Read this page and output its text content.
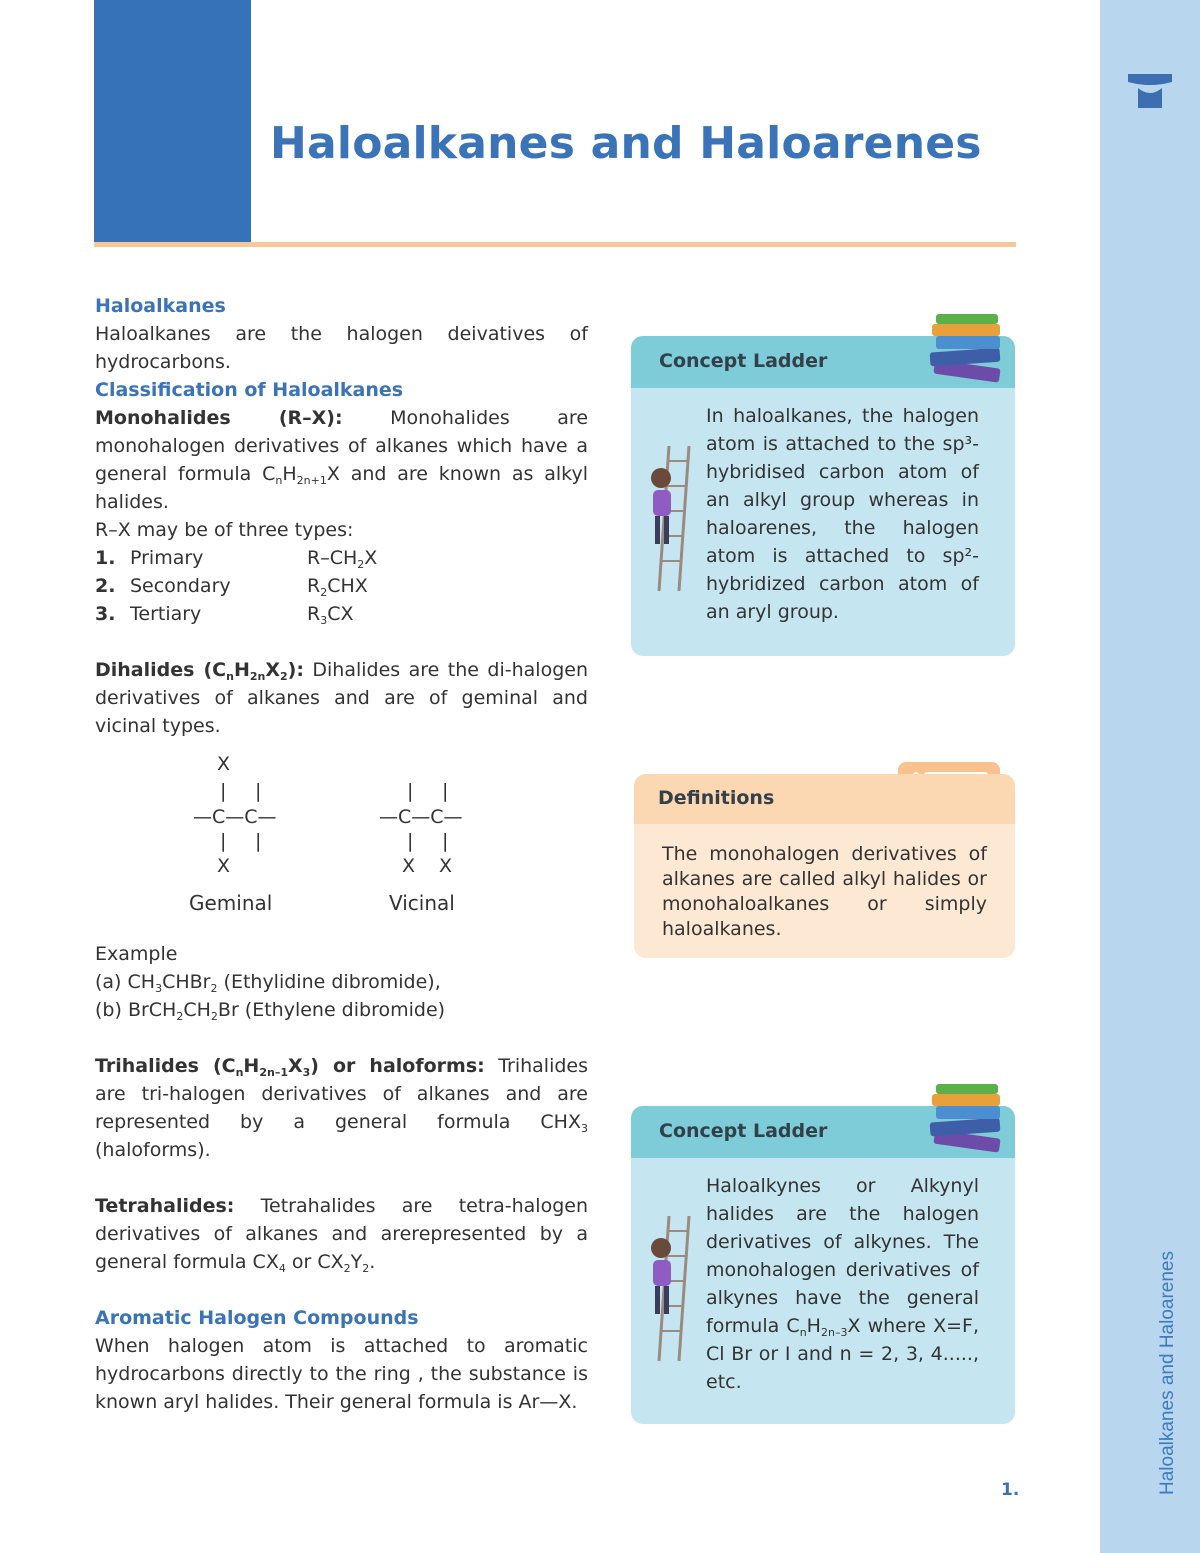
Haloalkanes and Haloarenes
Haloalkanes and Haloarenes

Haloalkanes

Haloalkanes are the halogen deivatives of hydrocarbons.

Classification of Haloalkanes

Monohalides (R–X):	Monohalides are monohalogen derivatives of alkanes which have a general formula $C_nH_{2n+1}X$ and are known as alkyl halides.

R–X may be of three types:

1. Primary	$R-CH_2X$
2. Secondary	$R_2CHX$
3. Tertiary	$R_3CX$

Dihalides $(C_nH_{2n}X_2)$: Dihalides are the di-halogen derivatives of alkanes and are of geminal and vicinal types.

X
| |
—C—C—
| |
X
Geminal
| |
—C—C—
| |
X X
Vicinal

Example

(a) $CH_3CHBr_2$ (Ethylidine dibromide),

(b) $BrCH_2CH_2Br$ (Ethylene dibromide)

Trihalides $(C_nH_{2n-1}X_3)$ or haloforms: Trihalides are tri-halogen derivatives of alkanes and are represented by a general formula $CHX_3$ (haloforms).

Tetrahalides: Tetrahalides are tetra-halogen derivatives of alkanes and arerepresented by a general formula $CX_4$ or $CX_2Y_2$.

Aromatic Halogen Compounds

When halogen atom is attached to aromatic hydrocarbons directly to the ring , the substance is known aryl halides. Their general formula is Ar—X.

Concept Ladder
In haloalkanes, the halogen atom is attached to the sp³-hybridised carbon atom of an alkyl group whereas in haloarenes, the halogen atom is attached to sp²-hybridized carbon atom of an aryl group.
Definitions
The monohalogen derivatives of alkanes are called alkyl halides or monohaloalkanes or simply haloalkanes.
Concept Ladder
Haloalkynes or Alkynyl halides are the halogen derivatives of alkynes. The monohalogen derivatives of alkynes have the general formula $C_nH_{2n-3}X$ where X=F, Cl Br or I and n = 2, 3, 4....., etc.
1.
